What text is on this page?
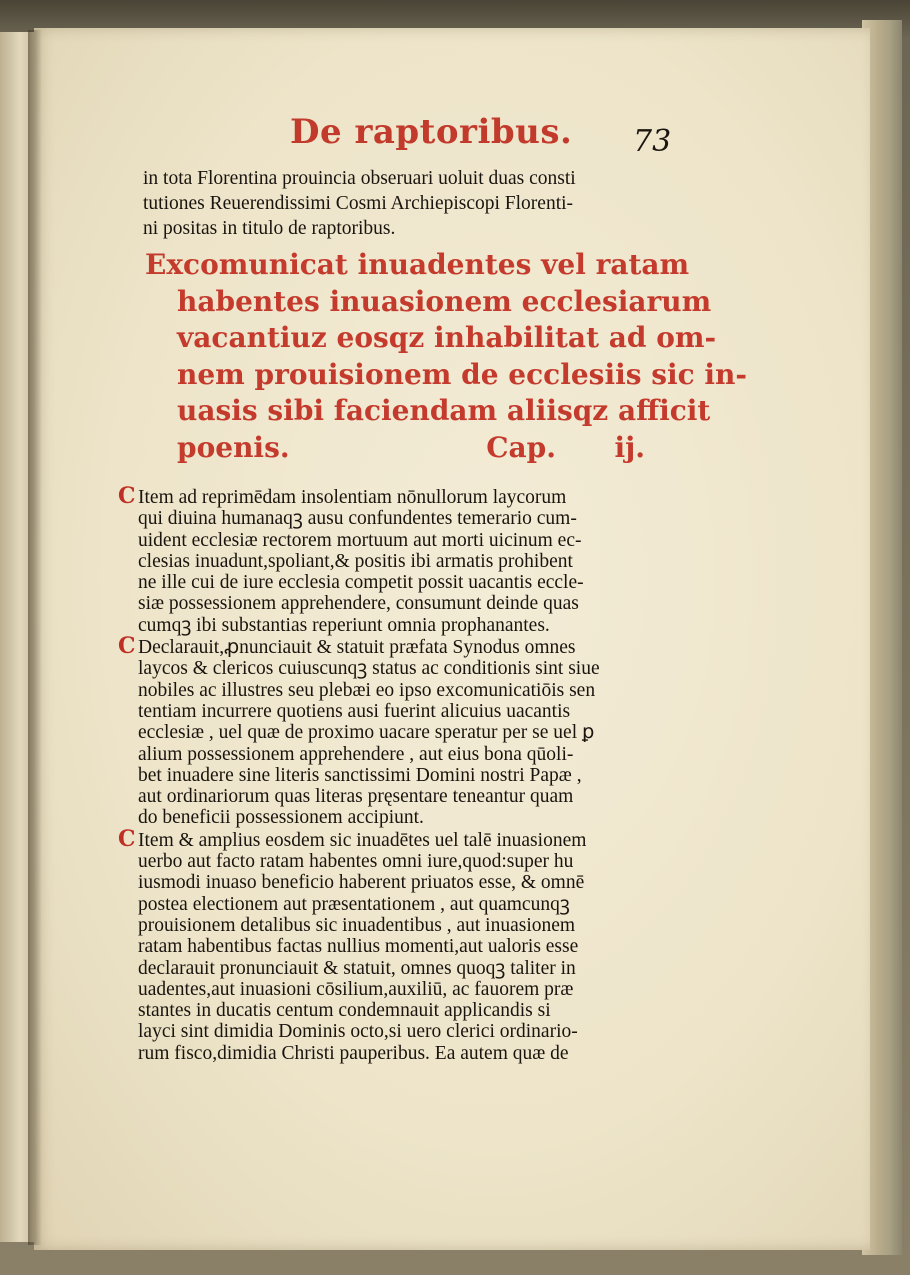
De raptoribus. 73
in tota Florentina prouincia obseruari uoluit duas consti
tutiones Reuerendissimi Cosmi Archiepiscopi Florenti-
ni positas in titulo de raptoribus.
Excomunicat inuadentes vel ratam
habentes inuasionem ecclesiarum
vacantiuz eosqz inhabilitat ad om-
nem prouisionem de ecclesiis sic in-
uasis sibi faciendam aliisqz afficit
poenis.	Cap. ij.
C Item ad reprimēdam insolentiam nōnullorum laycorum
qui diuina humanaqꝫ ausu confundentes temerario cum-
uident ecclesiæ rectorem mortuum aut morti uicinum ec-
clesias inuadunt,spoliant,& positis ibi armatis prohibent
ne ille cui de iure ecclesia competit possit uacantis eccle-
siæ possessionem apprehendere, consumunt deinde quas
cumqꝫ ibi substantias reperiunt omnia prophanantes.
C Declarauit,ꝓnunciauit & statuit præfata Synodus omnes
laycos & clericos cuiuscunqꝫ status ac conditionis sint siue
nobiles ac illustres seu plebæi eo ipso excomunicatiōis sen
tentiam incurrere quotiens ausi fuerint alicuius uacantis
ecclesiæ , uel quæ de proximo uacare speratur per se uel ꝑ
alium possessionem apprehendere , aut eius bona qūoli-
bet inuadere sine literis sanctissimi Domini nostri Papæ ,
aut ordinariorum quas literas pręsentare teneantur quam
do beneficii possessionem accipiunt.
C Item & amplius eosdem sic inuadētes uel talē inuasionem
uerbo aut facto ratam habentes omni iure,quod:super hu
iusmodi inuaso beneficio haberent priuatos esse, & omnē
postea electionem aut præsentationem , aut quamcunqꝫ
prouisionem detalibus sic inuadentibus , aut inuasionem
ratam habentibus factas nullius momenti,aut ualoris esse
declarauit pronunciauit & statuit, omnes quoqꝫ taliter in
uadentes,aut inuasioni cōsilium,auxiliū, ac fauorem præ
stantes in ducatis centum condemnauit applicandis si
layci sint dimidia Dominis octo,si uero clerici ordinario-
rum fisco,dimidia Christi pauperibus. Ea autem quæ de
